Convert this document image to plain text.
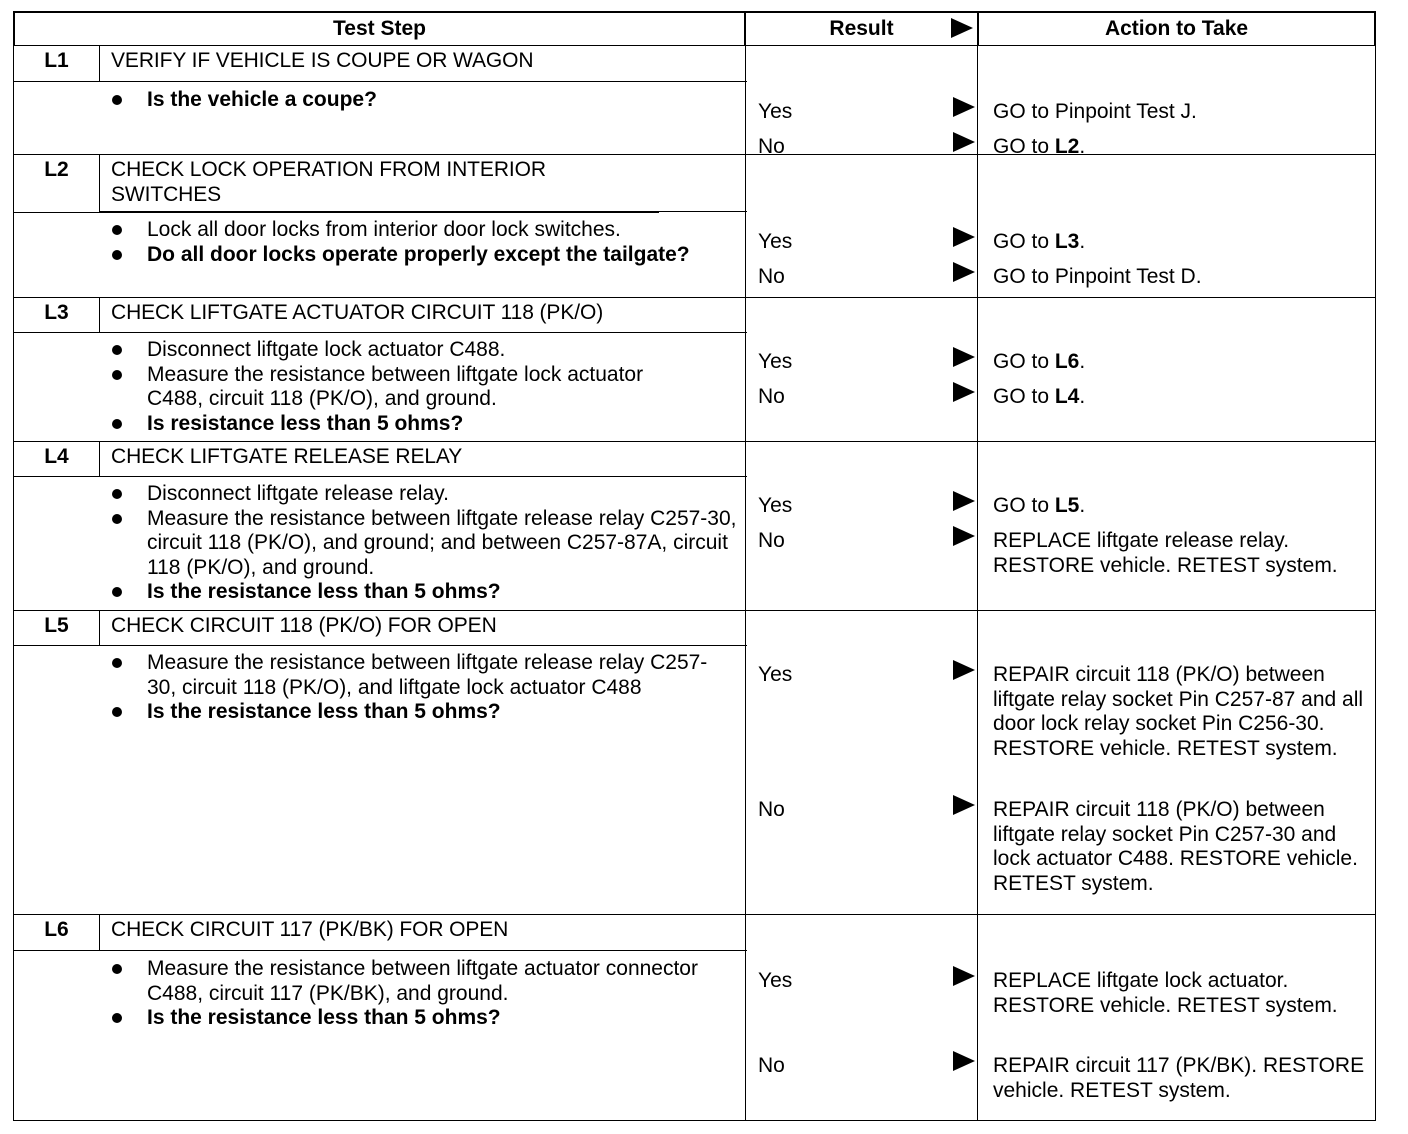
Test Step	Result	Action to Take
L1	VERIFY IF VEHICLE IS COUPE OR WAGON
Is the vehicle a coupe?
Yes	GO to Pinpoint Test J.
No	GO to L2.
L2	CHECK LOCK OPERATION FROM INTERIOR SWITCHES
Lock all door locks from interior door lock switches.
Do all door locks operate properly except the tailgate?
Yes	GO to L3.
No	GO to Pinpoint Test D.
L3	CHECK LIFTGATE ACTUATOR CIRCUIT 118 (PK/O)
Disconnect liftgate lock actuator C488.
Measure the resistance between liftgate lock actuator C488, circuit 118 (PK/O), and ground.
Is resistance less than 5 ohms?
Yes	GO to L6.
No	GO to L4.
L4	CHECK LIFTGATE RELEASE RELAY
Disconnect liftgate release relay.
Measure the resistance between liftgate release relay C257-30, circuit 118 (PK/O), and ground; and between C257-87A, circuit 118 (PK/O), and ground.
Is the resistance less than 5 ohms?
Yes	GO to L5.
No	REPLACE liftgate release relay. RESTORE vehicle. RETEST system.
L5	CHECK CIRCUIT 118 (PK/O) FOR OPEN
Measure the resistance between liftgate release relay C257-30, circuit 118 (PK/O), and liftgate lock actuator C488
Is the resistance less than 5 ohms?
Yes	REPAIR circuit 118 (PK/O) between liftgate relay socket Pin C257-87 and all door lock relay socket Pin C256-30. RESTORE vehicle. RETEST system.
No	REPAIR circuit 118 (PK/O) between liftgate relay socket Pin C257-30 and lock actuator C488. RESTORE vehicle. RETEST system.
L6	CHECK CIRCUIT 117 (PK/BK) FOR OPEN
Measure the resistance between liftgate actuator connector C488, circuit 117 (PK/BK), and ground.
Is the resistance less than 5 ohms?
Yes	REPLACE liftgate lock actuator. RESTORE vehicle. RETEST system.
No	REPAIR circuit 117 (PK/BK). RESTORE vehicle. RETEST system.
